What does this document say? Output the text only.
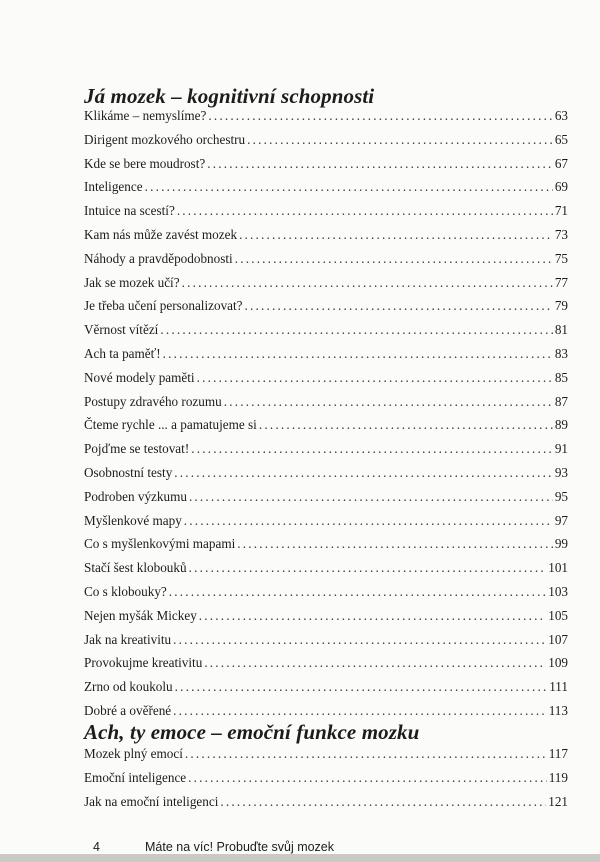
Já mozek – kognitivní schopnosti
Klikáme – nemyslíme? .....	63
Dirigent mozkového orchestru .....	65
Kde se bere moudrost? .....	67
Inteligence .....	69
Intuice na scestí? .....	71
Kam nás může zavést mozek .....	73
Náhody a pravděpodobnosti .....	75
Jak se mozek učí? .....	77
Je třeba učení personalizovat? .....	79
Věrnost vítězí .....	81
Ach ta paměť! .....	83
Nové modely paměti .....	85
Postupy zdravého rozumu .....	87
Čteme rychle ... a pamatujeme si .....	89
Pojďme se testovat! .....	91
Osobnostní testy .....	93
Podroben výzkumu .....	95
Myšlenkové mapy .....	97
Co s myšlenkovými mapami .....	99
Stačí šest klobouků .....	101
Co s klobouky? .....	103
Nejen myšák Mickey .....	105
Jak na kreativitu .....	107
Provokujme kreativitu .....	109
Zrno od koukolu .....	111
Dobré a ověřené .....	113
Ach, ty emoce – emoční funkce mozku
Mozek plný emocí .....	117
Emoční inteligence .....	119
Jak na emoční inteligenci .....	121
4	Máte na víc! Probuďte svůj mozek
